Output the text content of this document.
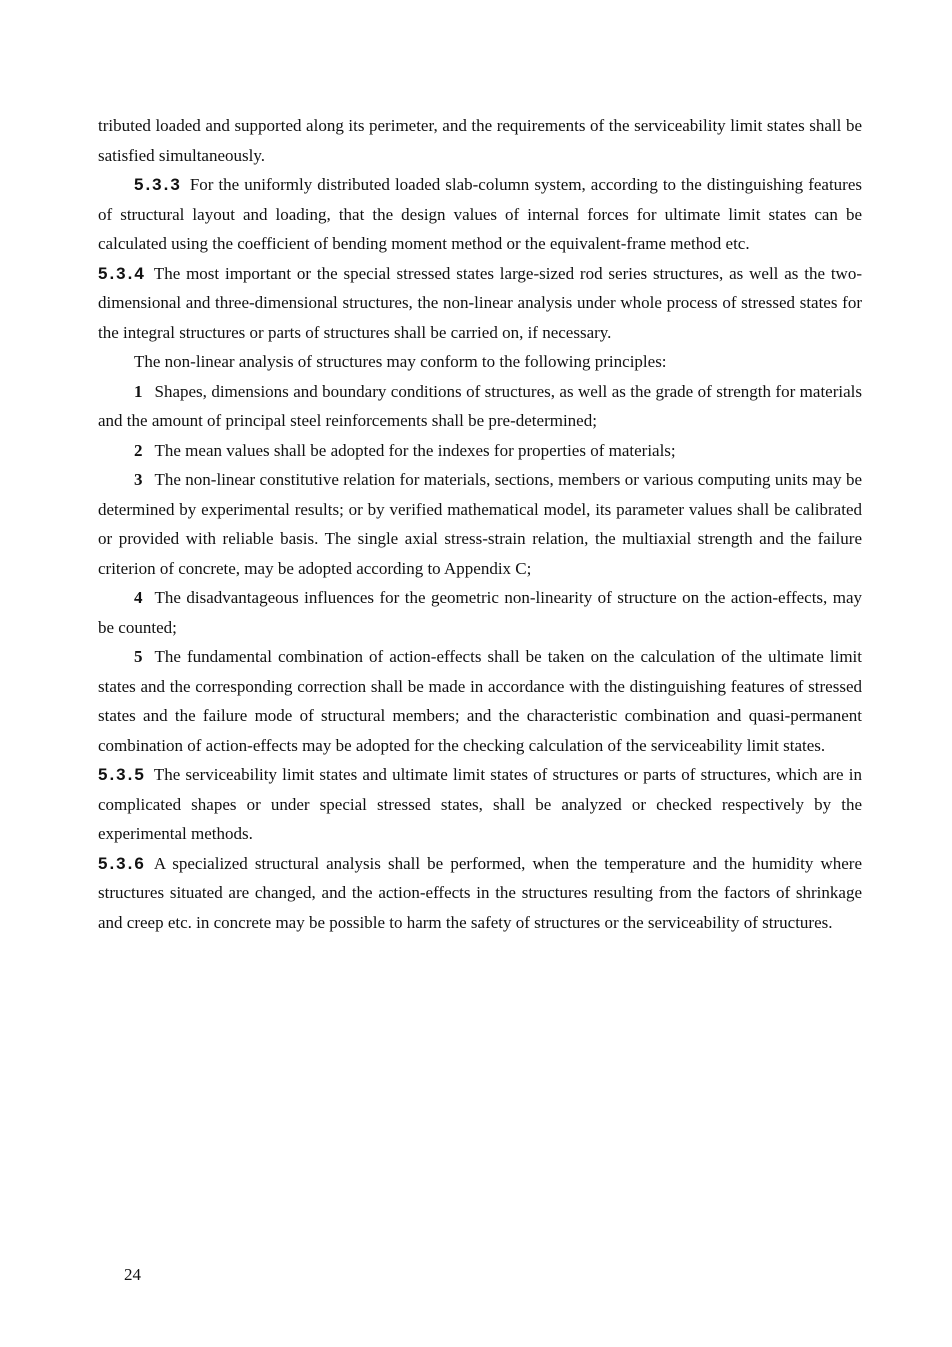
tributed loaded and supported along its perimeter, and the requirements of the serviceability limit states shall be satisfied simultaneously.

5.3.3 For the uniformly distributed loaded slab-column system, according to the distinguishing features of structural layout and loading, that the design values of internal forces for ultimate limit states can be calculated using the coefficient of bending moment method or the equivalent-frame method etc.

5.3.4 The most important or the special stressed states large-sized rod series structures, as well as the two-dimensional and three-dimensional structures, the non-linear analysis under whole process of stressed states for the integral structures or parts of structures shall be carried on, if necessary.

The non-linear analysis of structures may conform to the following principles:

1 Shapes, dimensions and boundary conditions of structures, as well as the grade of strength for materials and the amount of principal steel reinforcements shall be pre-determined;

2 The mean values shall be adopted for the indexes for properties of materials;

3 The non-linear constitutive relation for materials, sections, members or various computing units may be determined by experimental results; or by verified mathematical model, its parameter values shall be calibrated or provided with reliable basis. The single axial stress-strain relation, the multiaxial strength and the failure criterion of concrete, may be adopted according to Appendix C;

4 The disadvantageous influences for the geometric non-linearity of structure on the action-effects, may be counted;

5 The fundamental combination of action-effects shall be taken on the calculation of the ultimate limit states and the corresponding correction shall be made in accordance with the distinguishing features of stressed states and the failure mode of structural members; and the characteristic combination and quasi-permanent combination of action-effects may be adopted for the checking calculation of the serviceability limit states.

5.3.5 The serviceability limit states and ultimate limit states of structures or parts of structures, which are in complicated shapes or under special stressed states, shall be analyzed or checked respectively by the experimental methods.

5.3.6 A specialized structural analysis shall be performed, when the temperature and the humidity where structures situated are changed, and the action-effects in the structures resulting from the factors of shrinkage and creep etc. in concrete may be possible to harm the safety of structures or the serviceability of structures.

24
